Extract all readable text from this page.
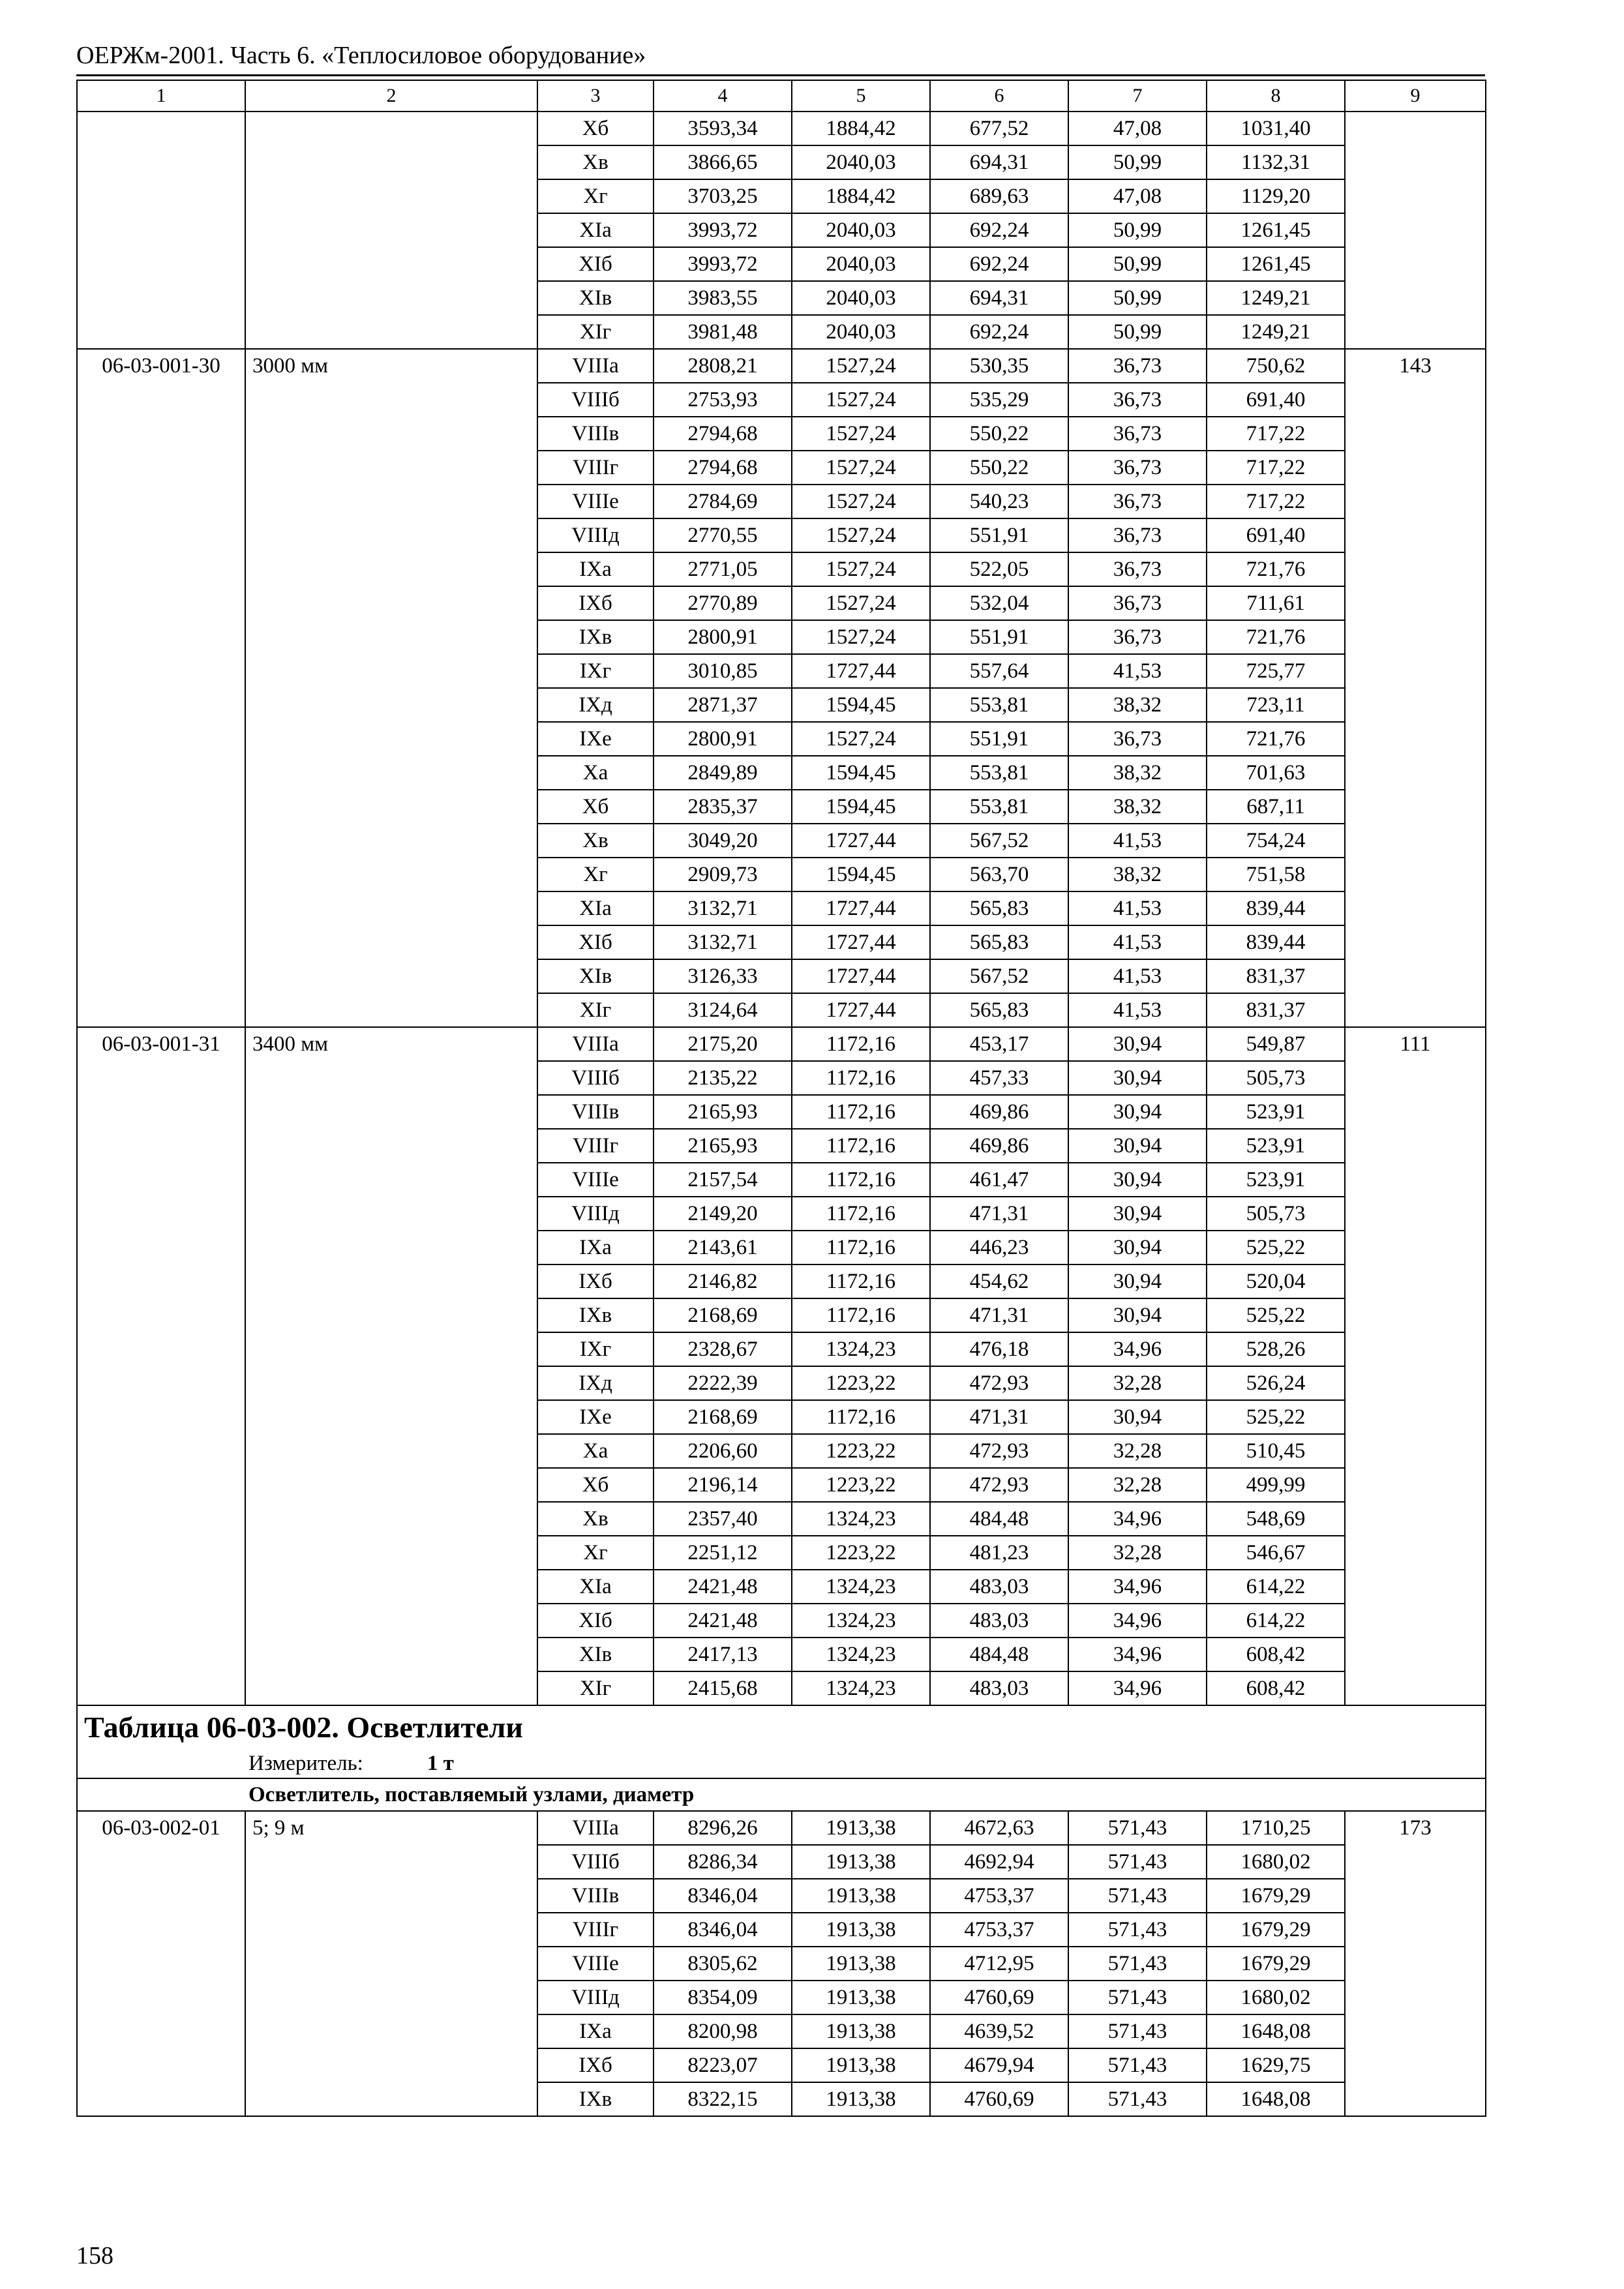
ОЕРЖм-2001. Часть 6. «Теплосиловое оборудование»
1	2	3	4	5	6	7	8	9
		Хб	3593,34	1884,42	677,52	47,08	1031,40	
		Хв	3866,65	2040,03	694,31	50,99	1132,31	
		Хг	3703,25	1884,42	689,63	47,08	1129,20	
		ХIа	3993,72	2040,03	692,24	50,99	1261,45	
		ХIб	3993,72	2040,03	692,24	50,99	1261,45	
		ХIв	3983,55	2040,03	694,31	50,99	1249,21	
		ХIг	3981,48	2040,03	692,24	50,99	1249,21	
06-03-001-30	3000 мм	VIIIа	2808,21	1527,24	530,35	36,73	750,62	143
		VIIIб	2753,93	1527,24	535,29	36,73	691,40	
		VIIIв	2794,68	1527,24	550,22	36,73	717,22	
		VIIIг	2794,68	1527,24	550,22	36,73	717,22	
		VIIIе	2784,69	1527,24	540,23	36,73	717,22	
		VIIIд	2770,55	1527,24	551,91	36,73	691,40	
		IХа	2771,05	1527,24	522,05	36,73	721,76	
		IХб	2770,89	1527,24	532,04	36,73	711,61	
		IХв	2800,91	1527,24	551,91	36,73	721,76	
		IХг	3010,85	1727,44	557,64	41,53	725,77	
		IХд	2871,37	1594,45	553,81	38,32	723,11	
		IХе	2800,91	1527,24	551,91	36,73	721,76	
		Ха	2849,89	1594,45	553,81	38,32	701,63	
		Хб	2835,37	1594,45	553,81	38,32	687,11	
		Хв	3049,20	1727,44	567,52	41,53	754,24	
		Хг	2909,73	1594,45	563,70	38,32	751,58	
		ХIа	3132,71	1727,44	565,83	41,53	839,44	
		ХIб	3132,71	1727,44	565,83	41,53	839,44	
		ХIв	3126,33	1727,44	567,52	41,53	831,37	
		ХIг	3124,64	1727,44	565,83	41,53	831,37	
06-03-001-31	3400 мм	VIIIа	2175,20	1172,16	453,17	30,94	549,87	111
		VIIIб	2135,22	1172,16	457,33	30,94	505,73	
		VIIIв	2165,93	1172,16	469,86	30,94	523,91	
		VIIIг	2165,93	1172,16	469,86	30,94	523,91	
		VIIIе	2157,54	1172,16	461,47	30,94	523,91	
		VIIIд	2149,20	1172,16	471,31	30,94	505,73	
		IХа	2143,61	1172,16	446,23	30,94	525,22	
		IХб	2146,82	1172,16	454,62	30,94	520,04	
		IХв	2168,69	1172,16	471,31	30,94	525,22	
		IХг	2328,67	1324,23	476,18	34,96	528,26	
		IХд	2222,39	1223,22	472,93	32,28	526,24	
		IХе	2168,69	1172,16	471,31	30,94	525,22	
		Ха	2206,60	1223,22	472,93	32,28	510,45	
		Хб	2196,14	1223,22	472,93	32,28	499,99	
		Хв	2357,40	1324,23	484,48	34,96	548,69	
		Хг	2251,12	1223,22	481,23	32,28	546,67	
		ХIа	2421,48	1324,23	483,03	34,96	614,22	
		ХIб	2421,48	1324,23	483,03	34,96	614,22	
		ХIв	2417,13	1324,23	484,48	34,96	608,42	
		ХIг	2415,68	1324,23	483,03	34,96	608,42	
Таблица 06-03-002. Осветлители								
Измеритель: 1 т								
Осветлитель, поставляемый узлами, диаметр								
06-03-002-01	5; 9 м	VIIIа	8296,26	1913,38	4672,63	571,43	1710,25	173
		VIIIб	8286,34	1913,38	4692,94	571,43	1680,02	
		VIIIв	8346,04	1913,38	4753,37	571,43	1679,29	
		VIIIг	8346,04	1913,38	4753,37	571,43	1679,29	
		VIIIе	8305,62	1913,38	4712,95	571,43	1679,29	
		VIIIд	8354,09	1913,38	4760,69	571,43	1680,02	
		IХа	8200,98	1913,38	4639,52	571,43	1648,08	
		IХб	8223,07	1913,38	4679,94	571,43	1629,75	
		IХв	8322,15	1913,38	4760,69	571,43	1648,08	
158
